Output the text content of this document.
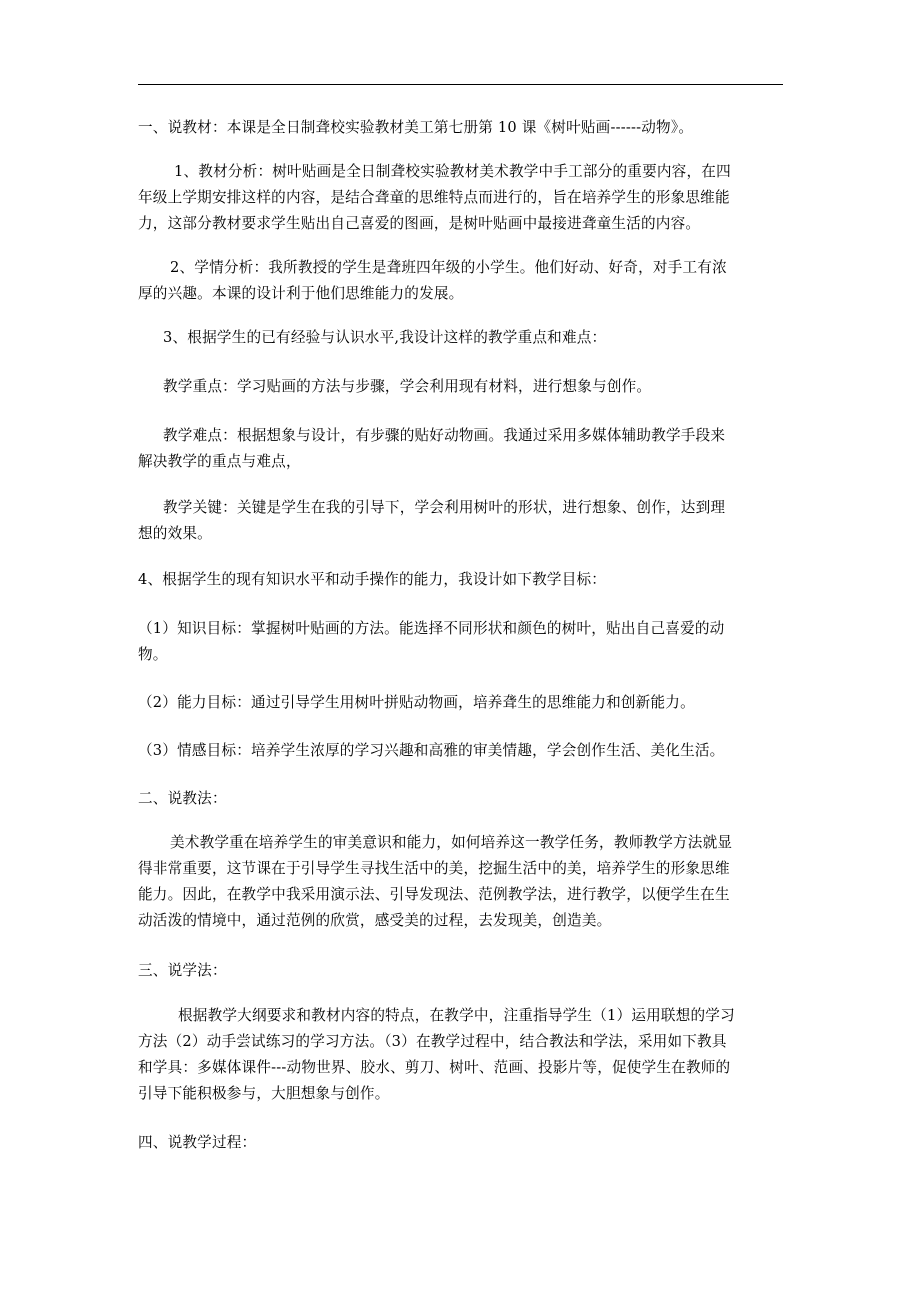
一、说教材：本课是全日制聋校实验教材美工第七册第 10 课《树叶贴画------动物》。
1、教材分析：树叶贴画是全日制聋校实验教材美术教学中手工部分的重要内容，在四
年级上学期安排这样的内容，是结合聋童的思维特点而进行的，旨在培养学生的形象思维能
力，这部分教材要求学生贴出自己喜爱的图画，是树叶贴画中最接进聋童生活的内容。
2、学情分析：我所教授的学生是聋班四年级的小学生。他们好动、好奇，对手工有浓
厚的兴趣。本课的设计利于他们思维能力的发展。
3、根据学生的已有经验与认识水平,我设计这样的教学重点和难点：
教学重点：学习贴画的方法与步骤，学会利用现有材料，进行想象与创作。
教学难点：根据想象与设计，有步骤的贴好动物画。我通过采用多媒体辅助教学手段来
解决教学的重点与难点，
教学关键：关键是学生在我的引导下，学会利用树叶的形状，进行想象、创作，达到理
想的效果。
4、根据学生的现有知识水平和动手操作的能力，我设计如下教学目标：
（1）知识目标：掌握树叶贴画的方法。能选择不同形状和颜色的树叶，贴出自己喜爱的动
物。
（2）能力目标：通过引导学生用树叶拼贴动物画，培养聋生的思维能力和创新能力。
（3）情感目标：培养学生浓厚的学习兴趣和高雅的审美情趣，学会创作生活、美化生活。
二、说教法：
美术教学重在培养学生的审美意识和能力，如何培养这一教学任务，教师教学方法就显
得非常重要，这节课在于引导学生寻找生活中的美，挖掘生活中的美，培养学生的形象思维
能力。因此，在教学中我采用演示法、引导发现法、范例教学法，进行教学，以便学生在生
动活泼的情境中，通过范例的欣赏，感受美的过程，去发现美，创造美。
三、说学法：
根据教学大纲要求和教材内容的特点，在教学中，注重指导学生（1）运用联想的学习
方法（2）动手尝试练习的学习方法。（3）在教学过程中，结合教法和学法，采用如下教具
和学具：多媒体课件---动物世界、胶水、剪刀、树叶、范画、投影片等，促使学生在教师的
引导下能积极参与，大胆想象与创作。
四、说教学过程：
